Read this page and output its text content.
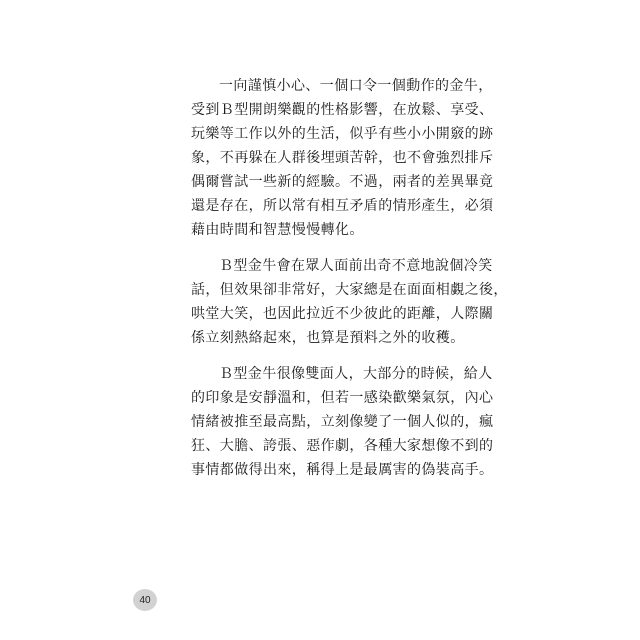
一向謹慎小心、一個口令一個動作的金牛，
受到Ｂ型開朗樂觀的性格影響，在放鬆、享受、
玩樂等工作以外的生活，似乎有些小小開竅的跡
象，不再躲在人群後埋頭苦幹，也不會強烈排斥
偶爾嘗試一些新的經驗。不過，兩者的差異畢竟
還是存在，所以常有相互矛盾的情形產生，必須
藉由時間和智慧慢慢轉化。

Ｂ型金牛會在眾人面前出奇不意地說個冷笑
話，但效果卻非常好，大家總是在面面相覷之後，
哄堂大笑，也因此拉近不少彼此的距離，人際關
係立刻熱絡起來，也算是預料之外的收穫。

Ｂ型金牛很像雙面人，大部分的時候，給人
的印象是安靜溫和，但若一感染歡樂氣氛，內心
情緒被推至最高點，立刻像變了一個人似的，瘋
狂、大膽、誇張、惡作劇，各種大家想像不到的
事情都做得出來，稱得上是最厲害的偽裝高手。

40
